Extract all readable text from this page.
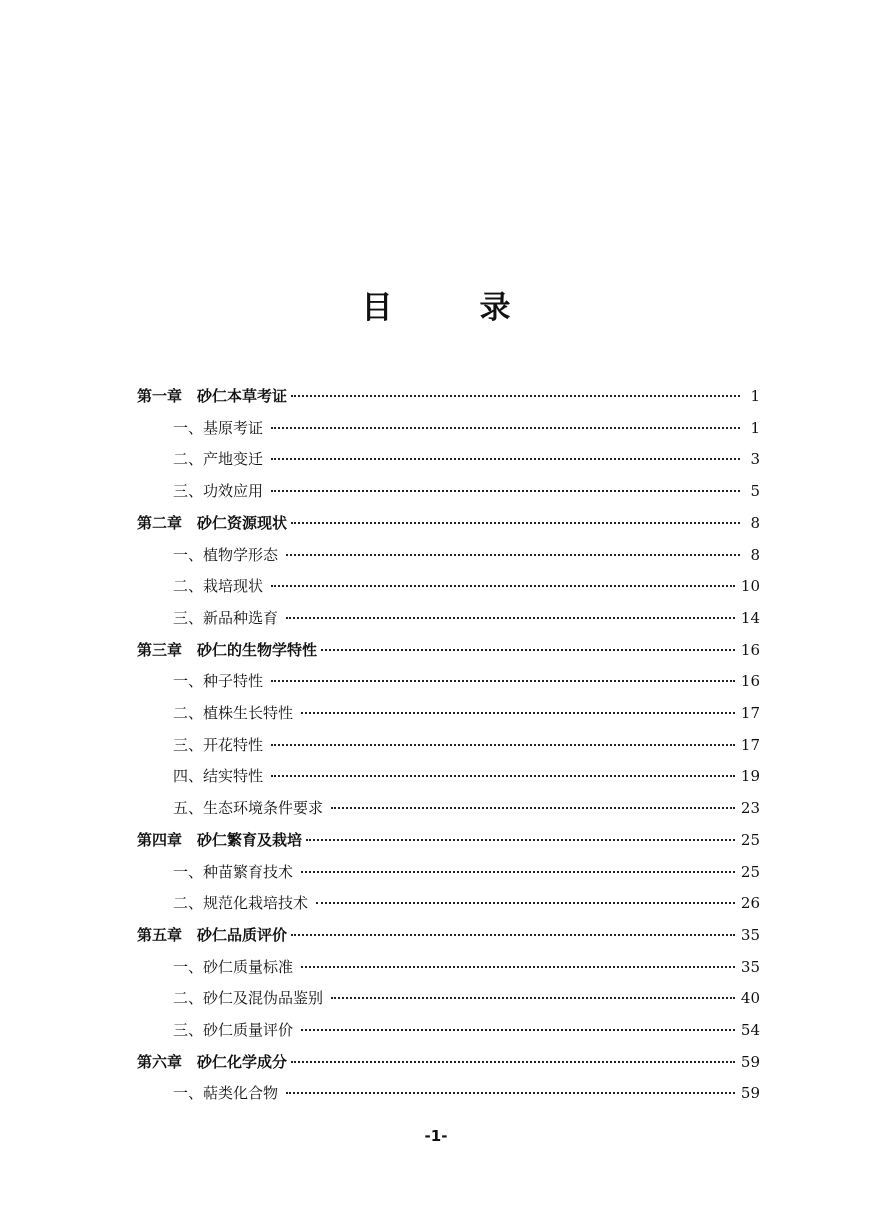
目　录
第一章　砂仁本草考证	1
一、基原考证	1
二、产地变迁	3
三、功效应用	5
第二章　砂仁资源现状	8
一、植物学形态	8
二、栽培现状	10
三、新品种选育	14
第三章　砂仁的生物学特性	16
一、种子特性	16
二、植株生长特性	17
三、开花特性	17
四、结实特性	19
五、生态环境条件要求	23
第四章　砂仁繁育及栽培	25
一、种苗繁育技术	25
二、规范化栽培技术	26
第五章　砂仁品质评价	35
一、砂仁质量标准	35
二、砂仁及混伪品鉴别	40
三、砂仁质量评价	54
第六章　砂仁化学成分	59
一、萜类化合物	59
-1-
